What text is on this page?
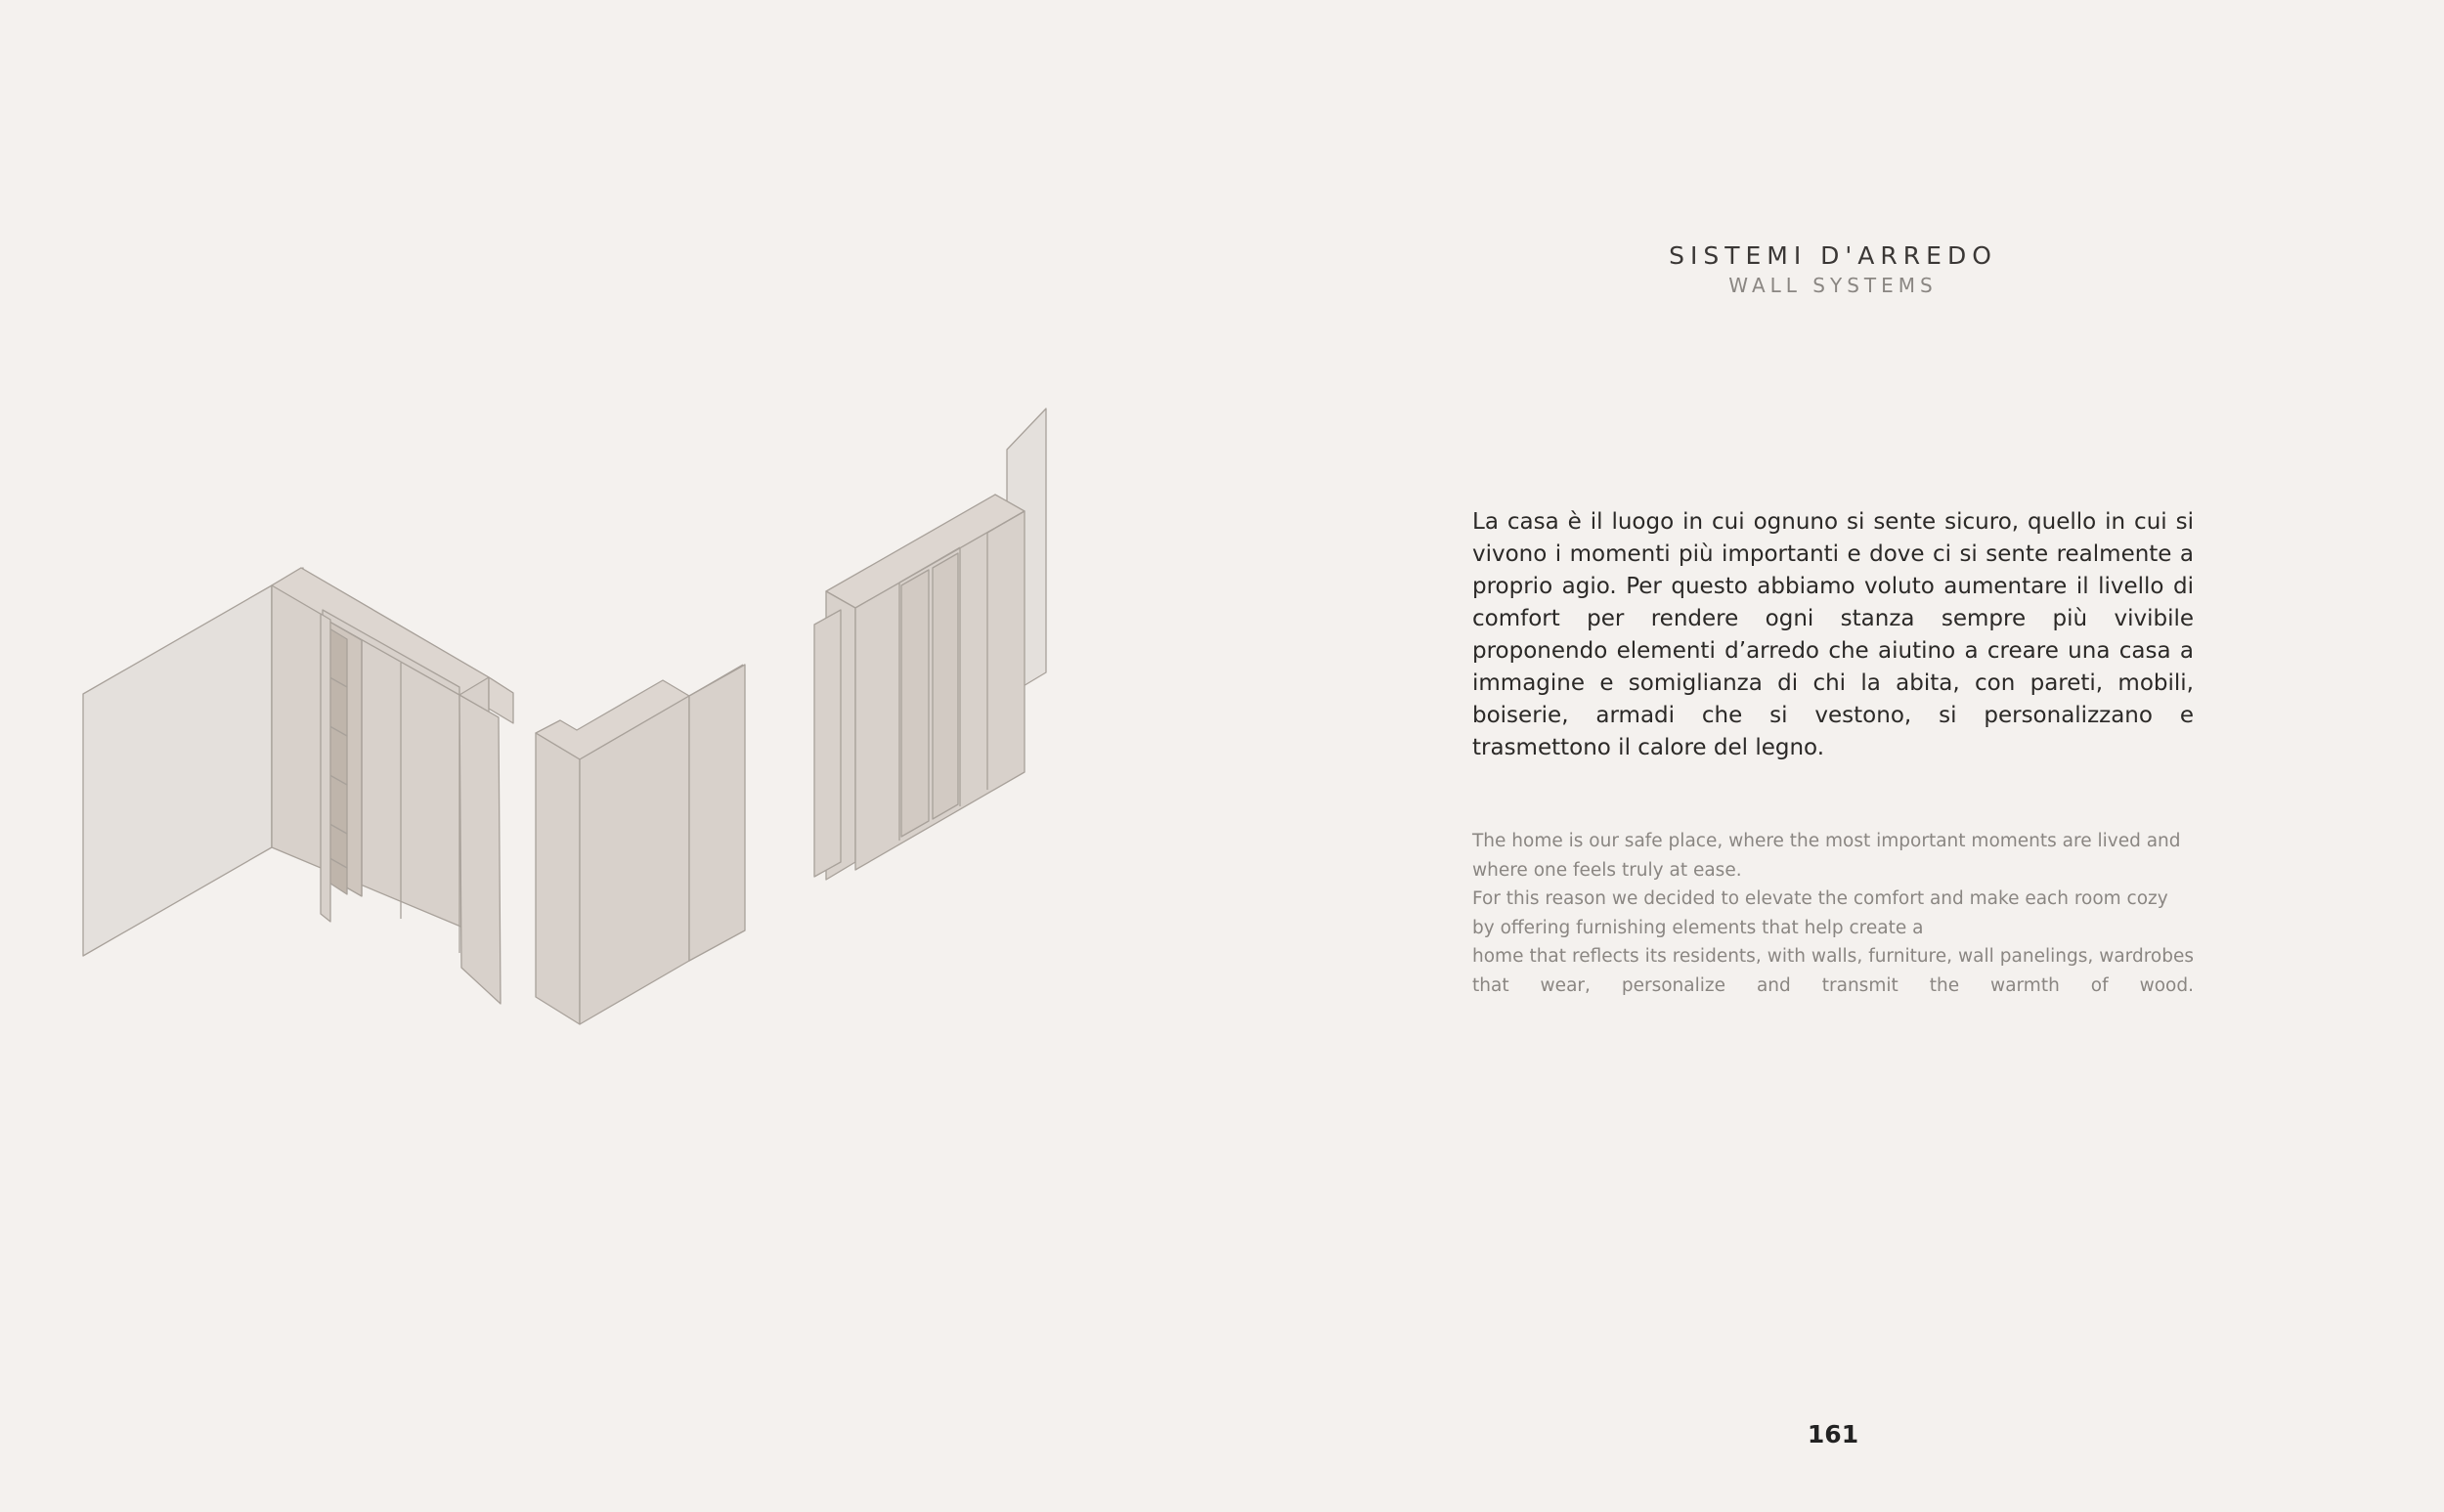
SISTEMI D'ARREDO
WALL SYSTEMS
La casa è il luogo in cui ognuno si sente sicuro, quello in cui si vivono i momenti più importanti e dove ci si sente realmente a proprio agio. Per questo abbiamo voluto aumentare il livello di comfort per rendere ogni stanza sempre più vivibile proponendo elementi d’arredo che aiutino a creare una casa a immagine e somiglianza di chi la abita, con pareti, mobili, boiserie, armadi che si vestono, si personalizzano e trasmettono il calore del legno.

The home is our safe place, where the most important moments are lived and where one feels truly at ease.

For this reason we decided to elevate the comfort and make each room cozy by offering furnishing elements that help create a

home that reflects its residents, with walls, furniture, wall panelings, wardrobes that wear, personalize and transmit the warmth of wood.

161
